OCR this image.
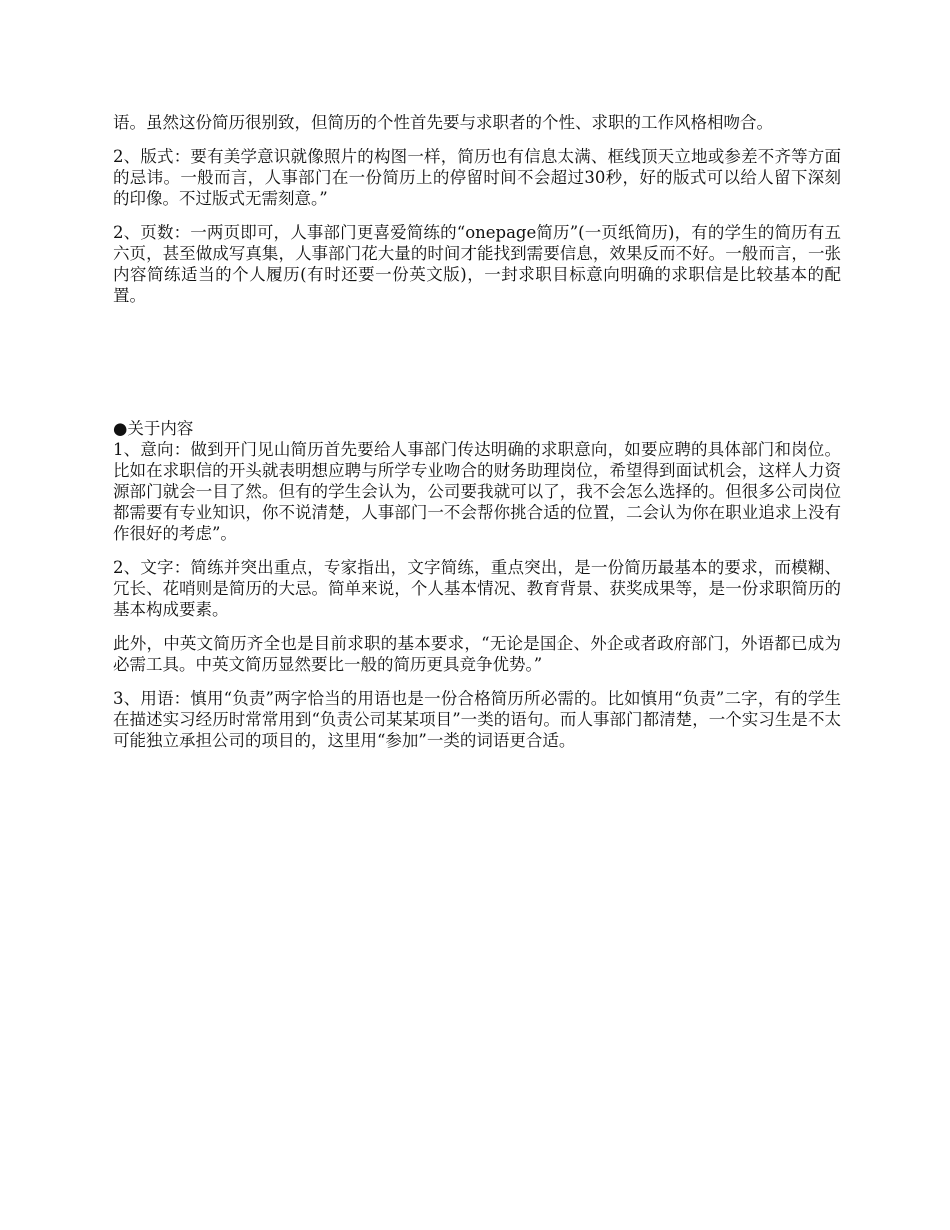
语。虽然这份简历很别致，但简历的个性首先要与求职者的个性、求职的工作风格相吻合。

2、版式：要有美学意识就像照片的构图一样，简历也有信息太满、框线顶天立地或参差不齐等方面的忌讳。一般而言，人事部门在一份简历上的停留时间不会超过30秒，好的版式可以给人留下深刻的印像。不过版式无需刻意。”

2、页数：一两页即可，人事部门更喜爱简练的“onepage简历”(一页纸简历)，有的学生的简历有五六页，甚至做成写真集，人事部门花大量的时间才能找到需要信息，效果反而不好。一般而言，一张内容简练适当的个人履历(有时还要一份英文版)，一封求职目标意向明确的求职信是比较基本的配置。

●关于内容

1、意向：做到开门见山简历首先要给人事部门传达明确的求职意向，如要应聘的具体部门和岗位。比如在求职信的开头就表明想应聘与所学专业吻合的财务助理岗位，希望得到面试机会，这样人力资源部门就会一目了然。但有的学生会认为，公司要我就可以了，我不会怎么选择的。但很多公司岗位都需要有专业知识，你不说清楚，人事部门一不会帮你挑合适的位置，二会认为你在职业追求上没有作很好的考虑”。

2、文字：简练并突出重点，专家指出，文字简练，重点突出，是一份简历最基本的要求，而模糊、冗长、花哨则是简历的大忌。简单来说，个人基本情况、教育背景、获奖成果等，是一份求职简历的基本构成要素。

此外，中英文简历齐全也是目前求职的基本要求，“无论是国企、外企或者政府部门，外语都已成为必需工具。中英文简历显然要比一般的简历更具竞争优势。”

3、用语：慎用“负责”两字恰当的用语也是一份合格简历所必需的。比如慎用“负责”二字，有的学生在描述实习经历时常常用到“负责公司某某项目”一类的语句。而人事部门都清楚，一个实习生是不太可能独立承担公司的项目的，这里用“参加”一类的词语更合适。
